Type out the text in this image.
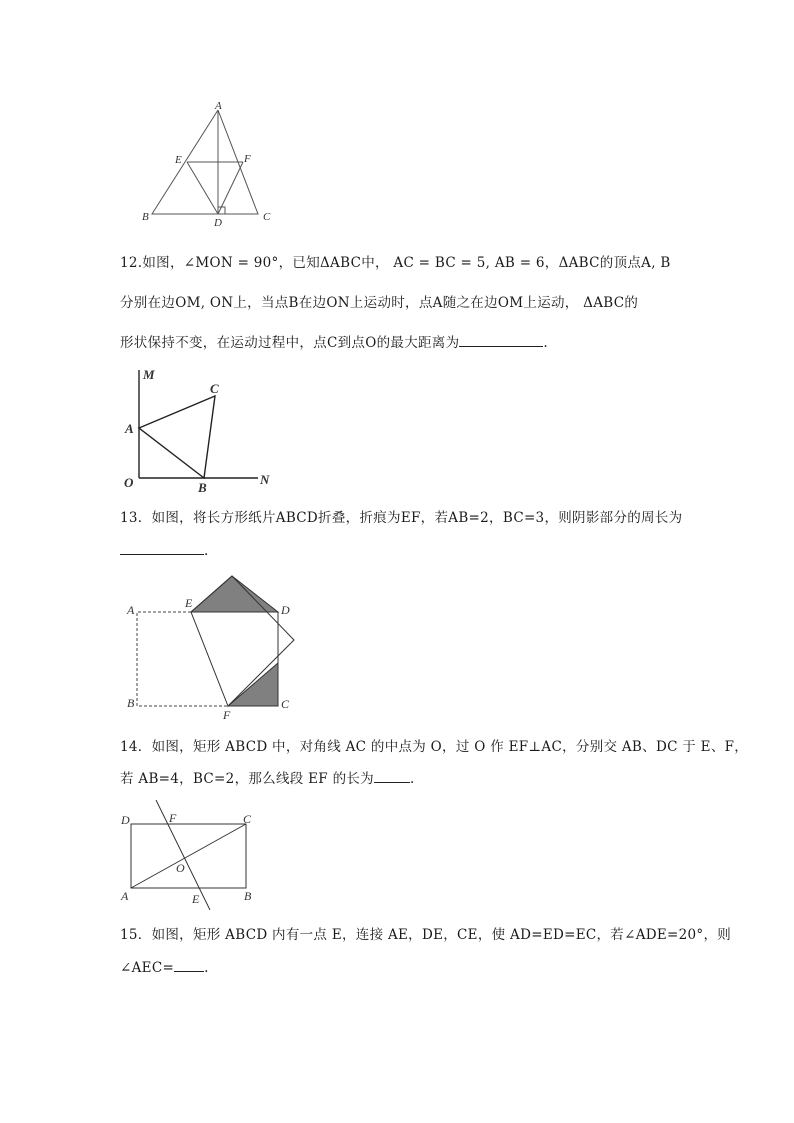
A
E	F
B	D	C
12.如图，∠MON = 90°，已知ΔABC中， AC = BC = 5, AB = 6，ΔABC的顶点A, B
分别在边OM, ON上，当点B在边ON上运动时，点A随之在边OM上运动， ΔABC的
形状保持不变，在运动过程中，点C到点O的最大距离为	.
M
C
A
O	B
N
13．如图，将长方形纸片ABCD折叠，折痕为EF，若AB=2，BC=3，则阴影部分的周长为
.
A	E	D
B
F
C
14．如图，矩形 ABCD 中，对角线 AC 的中点为 O，过 O 作 EF⊥AC，分别交 AB、DC 于 E、F，
若 AB=4，BC=2，那么线段 EF 的长为	.
D	F	C
O
A	E	B
15．如图，矩形 ABCD 内有一点 E，连接 AE，DE，CE，使 AD=ED=EC，若∠ADE=20°，则
∠AEC= .
